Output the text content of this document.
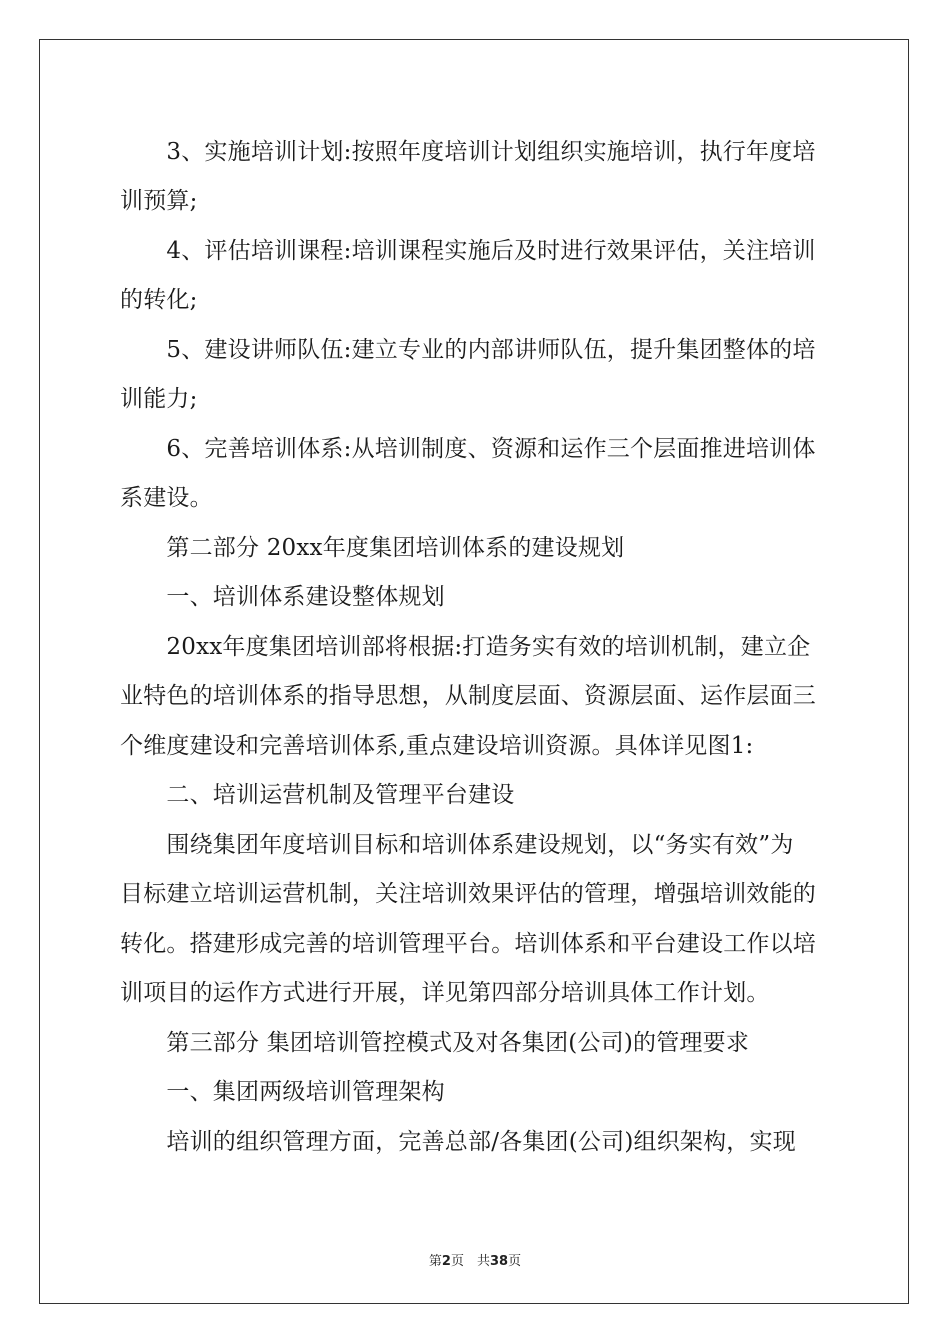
　　3、实施培训计划:按照年度培训计划组织实施培训，执行年度培
训预算;
　　4、评估培训课程:培训课程实施后及时进行效果评估，关注培训
的转化;
　　5、建设讲师队伍:建立专业的内部讲师队伍，提升集团整体的培
训能力;
　　6、完善培训体系:从培训制度、资源和运作三个层面推进培训体
系建设。
　　第二部分 20xx年度集团培训体系的建设规划
　　一、培训体系建设整体规划
　　20xx年度集团培训部将根据:打造务实有效的培训机制，建立企
业特色的培训体系的指导思想，从制度层面、资源层面、运作层面三
个维度建设和完善培训体系,重点建设培训资源。具体详见图1:
　　二、培训运营机制及管理平台建设
　　围绕集团年度培训目标和培训体系建设规划，以“务实有效”为
目标建立培训运营机制，关注培训效果评估的管理，增强培训效能的
转化。搭建形成完善的培训管理平台。培训体系和平台建设工作以培
训项目的运作方式进行开展，详见第四部分培训具体工作计划。
　　第三部分 集团培训管控模式及对各集团(公司)的管理要求
　　一、集团两级培训管理架构
　　培训的组织管理方面，完善总部/各集团(公司)组织架构，实现
第2页　共38页
